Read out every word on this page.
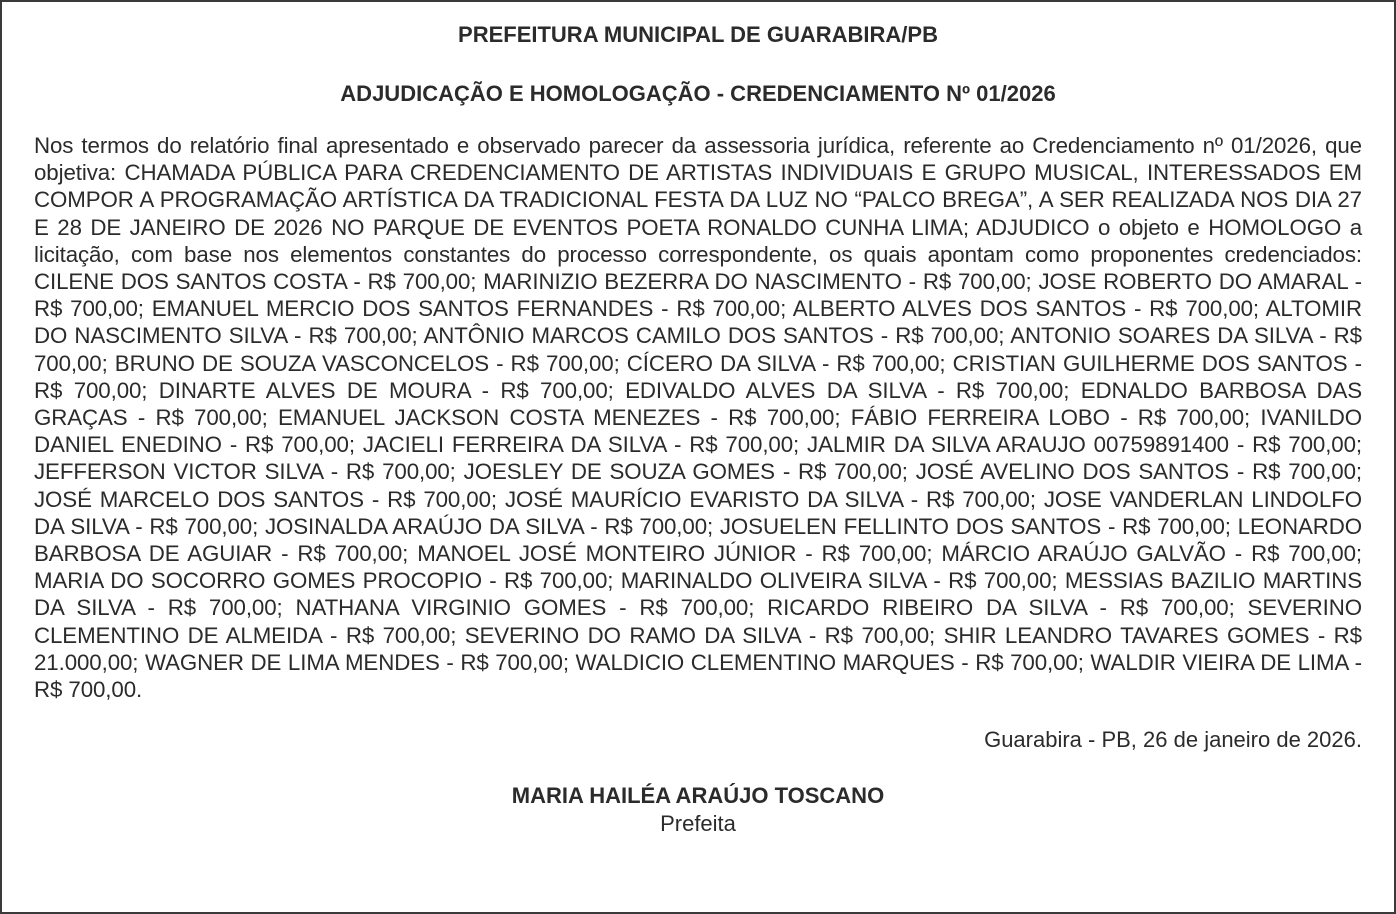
PREFEITURA MUNICIPAL DE GUARABIRA/PB
ADJUDICAÇÃO E HOMOLOGAÇÃO - CREDENCIAMENTO Nº 01/2026

Nos termos do relatório final apresentado e observado parecer da assessoria jurídica, referente ao Credenciamento nº 01/2026, que objetiva: CHAMADA PÚBLICA PARA CREDENCIAMENTO DE ARTISTAS INDIVIDUAIS E GRUPO MUSICAL, INTERESSADOS EM COMPOR A PROGRAMAÇÃO ARTÍSTICA DA TRADICIONAL FESTA DA LUZ NO “PALCO BREGA”, A SER REALIZADA NOS DIA 27 E 28 DE JANEIRO DE 2026 NO PARQUE DE EVENTOS POETA RONALDO CUNHA LIMA; ADJUDICO o objeto e HOMOLOGO a licitação, com base nos elementos constantes do processo correspondente, os quais apontam como proponentes credenciados: CILENE DOS SANTOS COSTA - R$ 700,00; MARINIZIO BEZERRA DO NASCIMENTO - R$ 700,00; JOSE ROBERTO DO AMARAL - R$ 700,00; EMANUEL MERCIO DOS SANTOS FERNANDES - R$ 700,00; ALBERTO ALVES DOS SANTOS - R$ 700,00; ALTOMIR DO NASCIMENTO SILVA - R$ 700,00; ANTÔNIO MARCOS CAMILO DOS SANTOS - R$ 700,00; ANTONIO SOARES DA SILVA - R$ 700,00; BRUNO DE SOUZA VASCONCELOS - R$ 700,00; CÍCERO DA SILVA - R$ 700,00; CRISTIAN GUILHERME DOS SANTOS - R$ 700,00; DINARTE ALVES DE MOURA - R$ 700,00; EDIVALDO ALVES DA SILVA - R$ 700,00; EDNALDO BARBOSA DAS GRAÇAS - R$ 700,00; EMANUEL JACKSON COSTA MENEZES - R$ 700,00; FÁBIO FERREIRA LOBO - R$ 700,00; IVANILDO DANIEL ENEDINO - R$ 700,00; JACIELI FERREIRA DA SILVA - R$ 700,00; JALMIR DA SILVA ARAUJO 00759891400 - R$ 700,00; JEFFERSON VICTOR SILVA - R$ 700,00; JOESLEY DE SOUZA GOMES - R$ 700,00; JOSÉ AVELINO DOS SANTOS - R$ 700,00; JOSÉ MARCELO DOS SANTOS - R$ 700,00; JOSÉ MAURÍCIO EVARISTO DA SILVA - R$ 700,00; JOSE VANDERLAN LINDOLFO DA SILVA - R$ 700,00; JOSINALDA ARAÚJO DA SILVA - R$ 700,00; JOSUELEN FELLINTO DOS SANTOS - R$ 700,00; LEONARDO BARBOSA DE AGUIAR - R$ 700,00; MANOEL JOSÉ MONTEIRO JÚNIOR - R$ 700,00; MÁRCIO ARAÚJO GALVÃO - R$ 700,00; MARIA DO SOCORRO GOMES PROCOPIO - R$ 700,00; MARINALDO OLIVEIRA SILVA - R$ 700,00; MESSIAS BAZILIO MARTINS DA SILVA - R$ 700,00; NATHANA VIRGINIO GOMES - R$ 700,00; RICARDO RIBEIRO DA SILVA - R$ 700,00; SEVERINO CLEMENTINO DE ALMEIDA - R$ 700,00; SEVERINO DO RAMO DA SILVA - R$ 700,00; SHIR LEANDRO TAVARES GOMES - R$ 21.000,00; WAGNER DE LIMA MENDES - R$ 700,00; WALDICIO CLEMENTINO MARQUES - R$ 700,00; WALDIR VIEIRA DE LIMA - R$ 700,00.

Guarabira - PB, 26 de janeiro de 2026.
MARIA HAILÉA ARAÚJO TOSCANO
Prefeita
